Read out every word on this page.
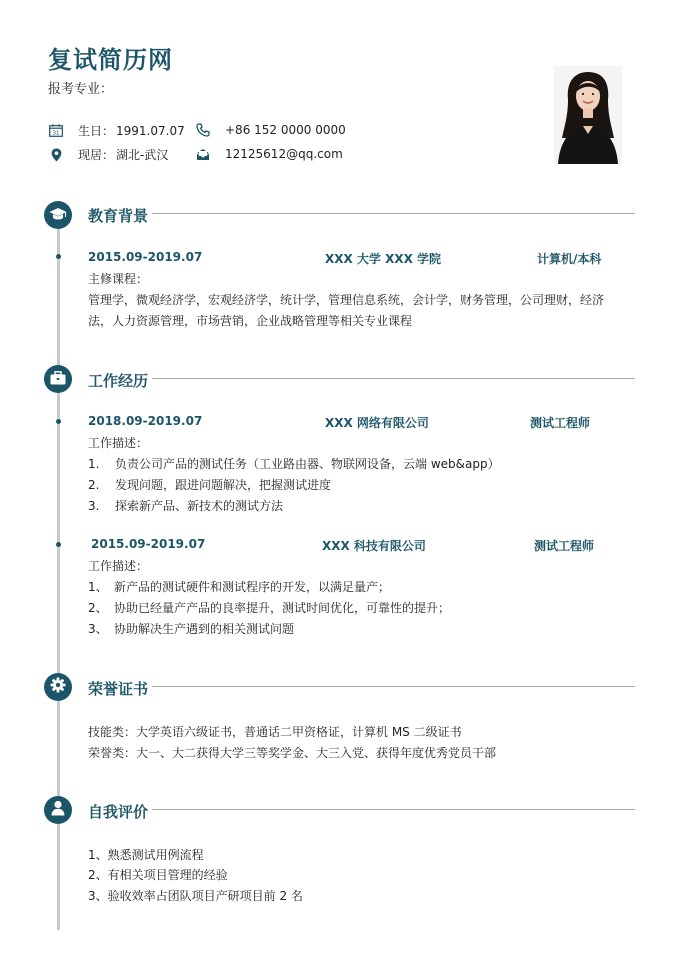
复试简历网
报考专业：
31 生日： 1991.07.07
现居： 湖北-武汉
+86 152 0000 0000
12125612@qq.com
教育背景
2015.09-2019.07	XXX 大学 XXX 学院	计算机/本科
主修课程：
管理学，微观经济学，宏观经济学，统计学，管理信息系统，会计学，财务管理，公司理财，经济
法，人力资源管理，市场营销，企业战略管理等相关专业课程
工作经历
2018.09-2019.07	XXX 网络有限公司	测试工程师
工作描述：
1. 负责公司产品的测试任务（工业路由器、物联网设备，云端 web&app）
2. 发现问题，跟进问题解决，把握测试进度
3. 探索新产品、新技术的测试方法
2015.09-2019.07	XXX 科技有限公司	测试工程师
工作描述：
1、 新产品的测试硬件和测试程序的开发，以满足量产；
2、 协助已经量产产品的良率提升，测试时间优化，可靠性的提升；
3、 协助解决生产遇到的相关测试问题
荣誉证书
技能类：大学英语六级证书，普通话二甲资格证，计算机 MS 二级证书
荣誉类：大一、大二获得大学三等奖学金、大三入党、获得年度优秀党员干部
自我评价
1、熟悉测试用例流程
2、有相关项目管理的经验
3、验收效率占团队项目产研项目前 2 名
